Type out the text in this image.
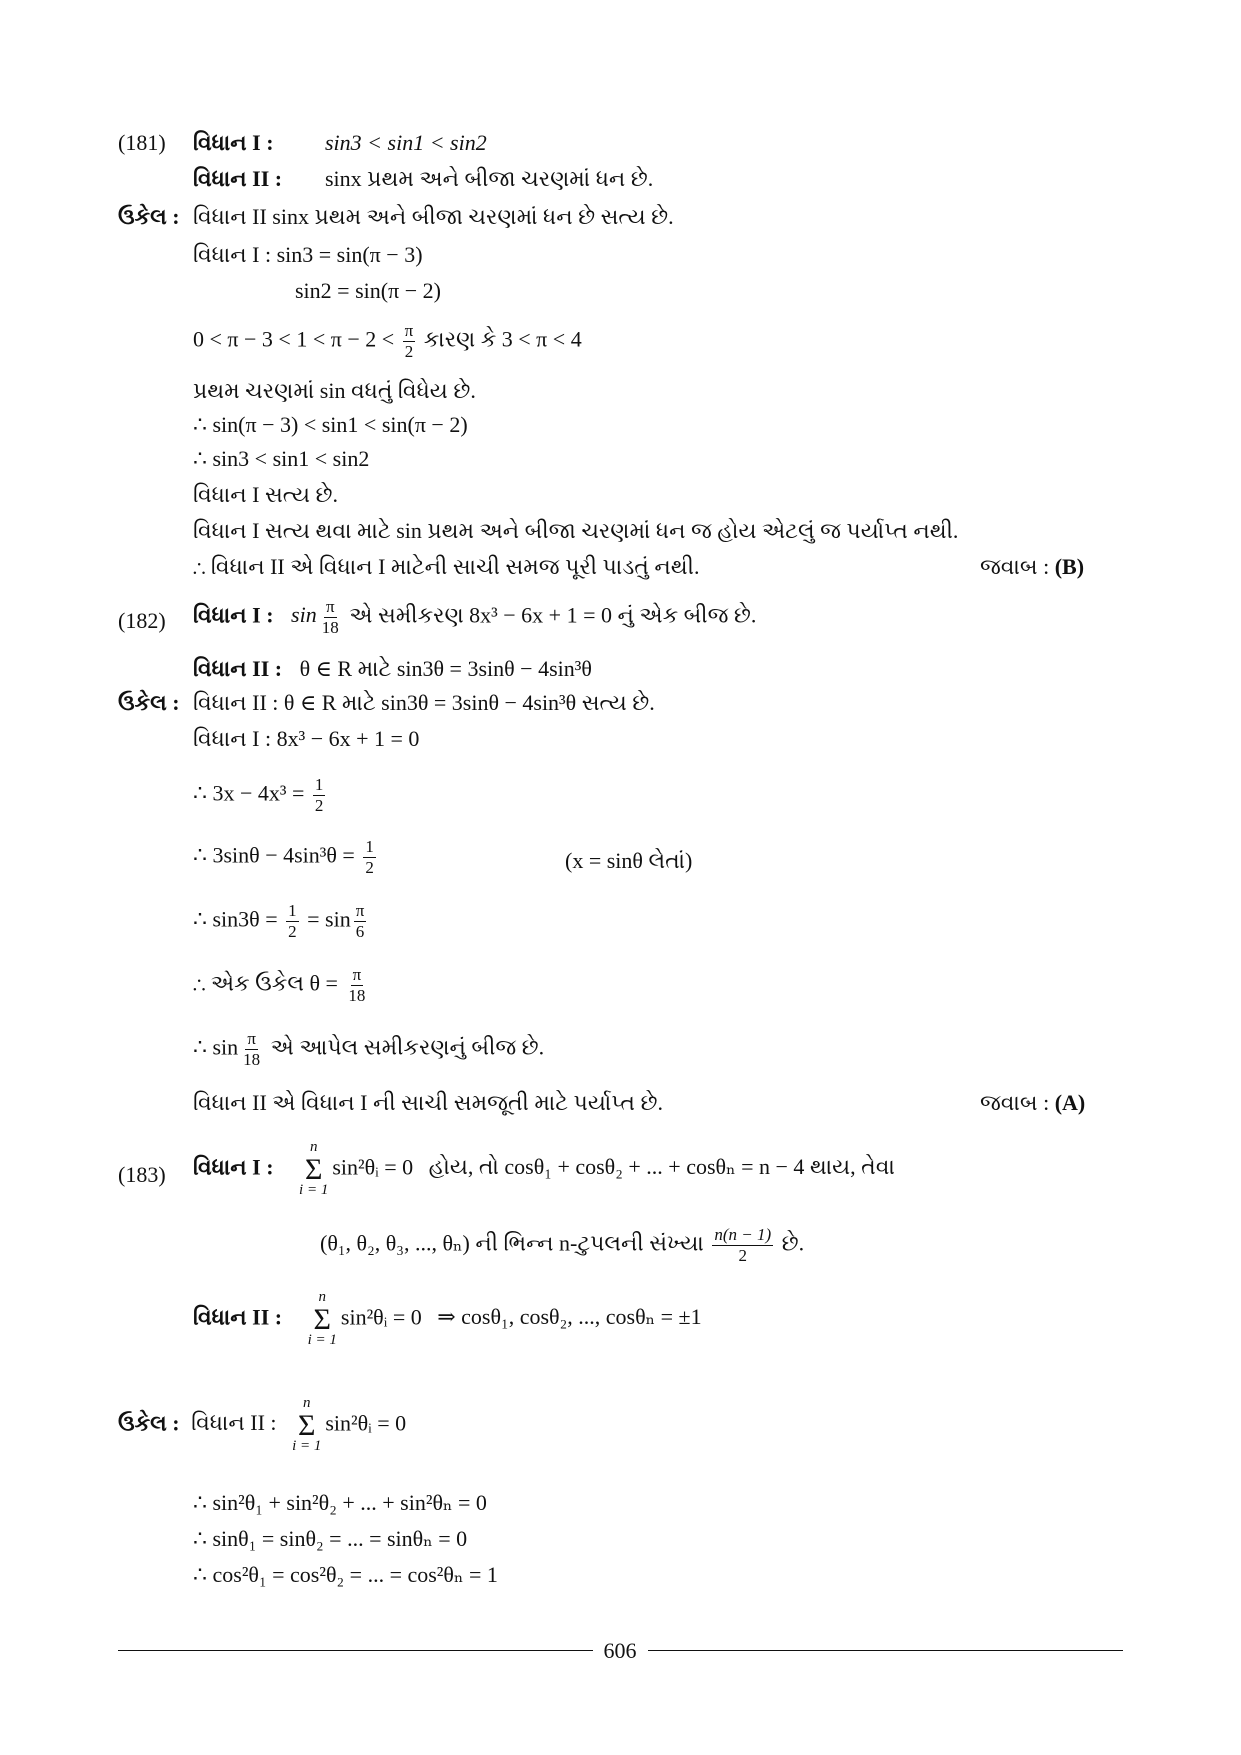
(181) વિધાન I : sin3 < sin1 < sin2
વિધાન II : sinx પ્રથમ અને બીજા ચરણમાં ધન છે.
ઉકેલ : વિધાન II sinx પ્રથમ અને બીજા ચરણમાં ધન છે સત્ય છે.
વિધાન I : sin3 = sin(π − 3)
sin2 = sin(π − 2)
$0 < \pi - 3 < 1 < \pi - 2 < \frac{\pi}{2}$ કારણ કે 3 < π < 4
પ્રથમ ચરણમાં sin વધતું વિધેય છે.
∴ sin(π − 3) < sin1 < sin(π − 2)
∴ sin3 < sin1 < sin2
વિધાન I સત્ય છે.
વિધાન I સત્ય થવા માટે sin પ્રથમ અને બીજા ચરણમાં ધન જ હોય એટલું જ પર્યાપ્ત નથી.
∴ વિધાન II એ વિધાન I માટેની સાચી સમજ પૂરી પાડતું નથી.	જવાબ : (B)
(182) વિધાન I : $\sin \frac{\pi}{18}$ એ સમીકરણ 8x³ − 6x + 1 = 0 નું એક બીજ છે.
વિધાન II : θ ∈ R માટે sin3θ = 3sinθ − 4sin³θ
ઉકેલ : વિધાન II : θ ∈ R માટે sin3θ = 3sinθ − 4sin³θ સત્ય છે.
વિધાન I : 8x³ − 6x + 1 = 0
∴ $3x - 4x^3 = \frac{1}{2}$
∴ $3\sin\theta - 4\sin^3\theta = \frac{1}{2}$	(x = sinθ લેતાં)
∴ $\sin 3\theta = \frac{1}{2} = \sin \frac{\pi}{6}$
∴ એક ઉકેલ $\theta = \frac{\pi}{18}$
∴ $\sin \frac{\pi}{18}$ એ આપેલ સમીકરણનું બીજ છે.
વિધાન II એ વિધાન I ની સાચી સમજૂતી માટે પર્યાપ્ત છે.	જવાબ : (A)
(183) વિધાન I :
n
Σ
i = 1
sin²θᵢ = 0 હોય, તો cosθ₁ + cosθ₂ + ... + cosθₙ = n − 4 થાય, તેવા
(θ₁, θ₂, θ₃, ..., θₙ) ની ભિન્ન n-ટુપલની સંખ્યા $\frac{n(n - 1)}{2}$ છે.
વિધાન II :
n
Σ
i = 1
sin²θᵢ = 0 ⇒ cosθ₁, cosθ₂, ..., cosθₙ = ±1
ઉકેલ : વિધાન II :
n
Σ
i = 1
sin²θᵢ = 0
∴ sin²θ₁ + sin²θ₂ + ... + sin²θₙ = 0
∴ sinθ₁ = sinθ₂ = ... = sinθₙ = 0
∴ cos²θ₁ = cos²θ₂ = ... = cos²θₙ = 1
606
